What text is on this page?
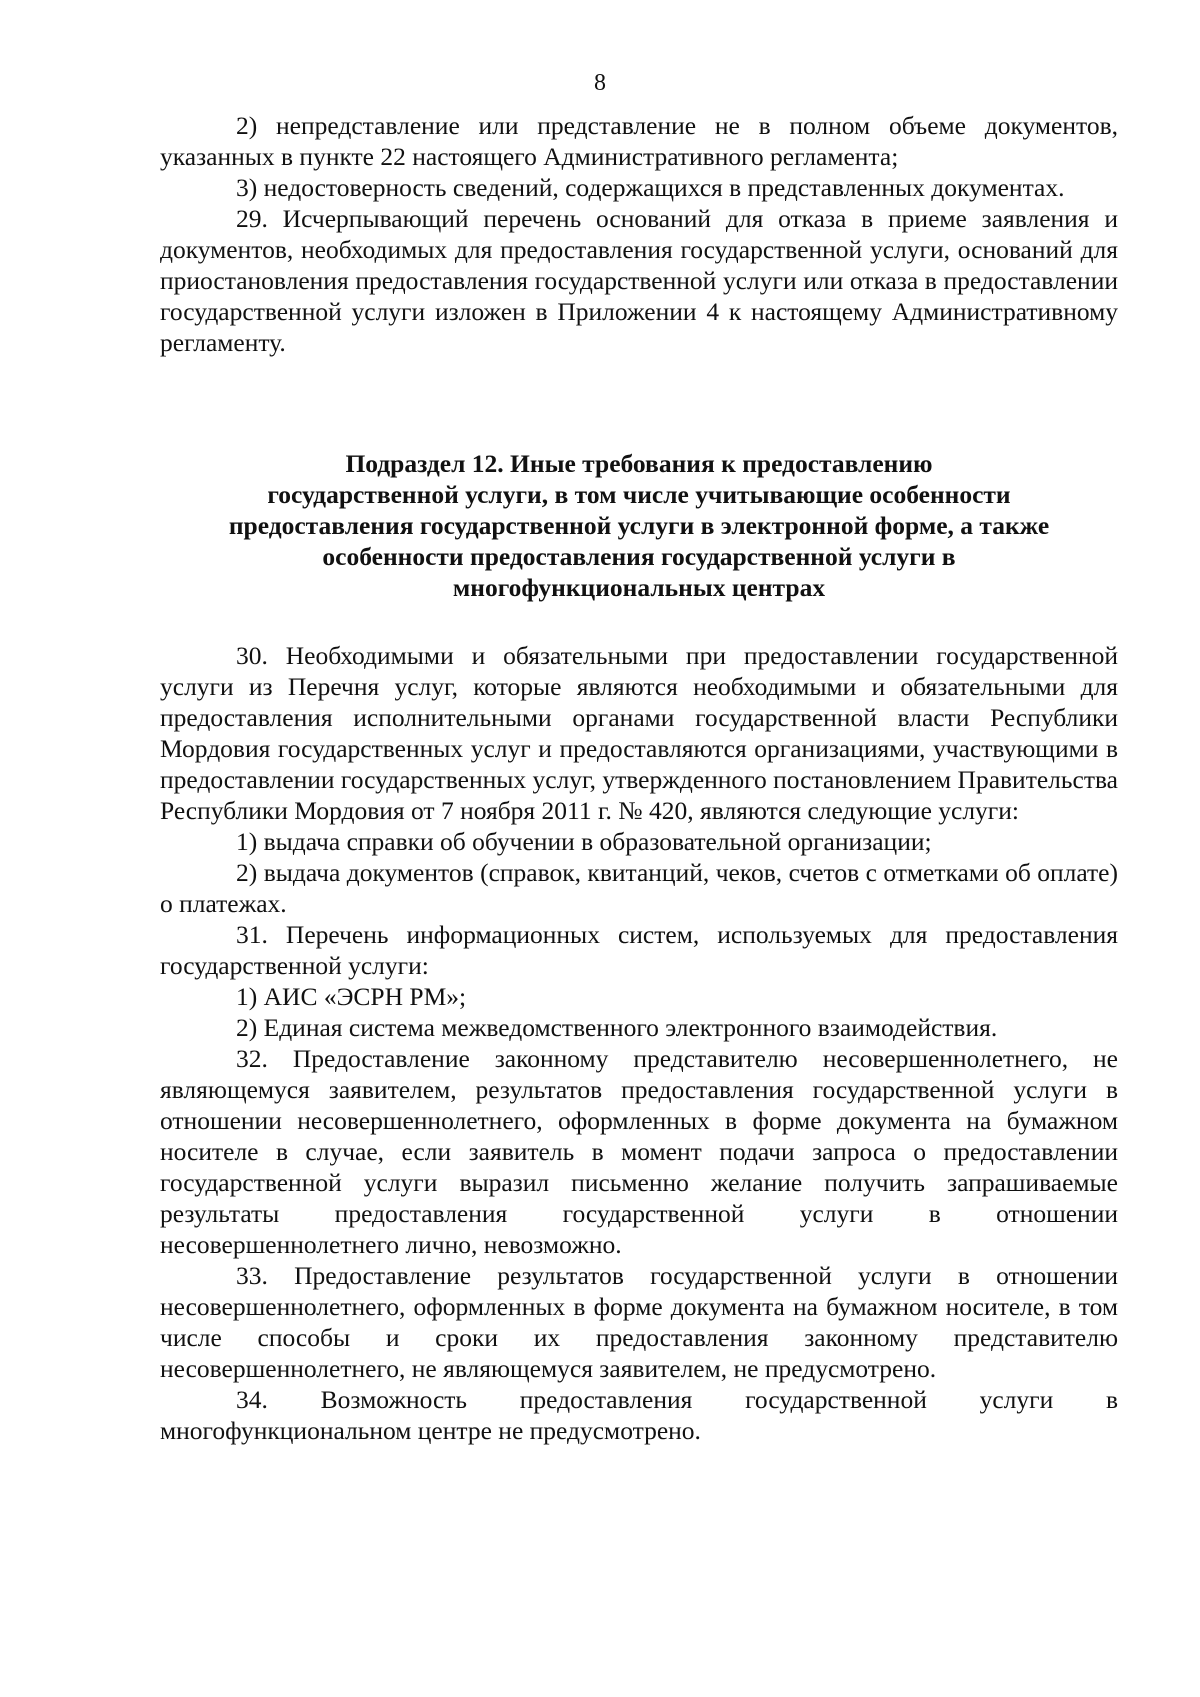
8

2) непредставление или представление не в полном объеме документов, указанных в пункте 22 настоящего Административного регламента;

3) недостоверность сведений, содержащихся в представленных документах.

29. Исчерпывающий перечень оснований для отказа в приеме заявления и документов, необходимых для предоставления государственной услуги, оснований для приостановления предоставления государственной услуги или отказа в предоставлении государственной услуги изложен в Приложении 4 к настоящему Административному регламенту.

Подраздел 12. Иные требования к предоставлению
государственной услуги, в том числе учитывающие особенности
предоставления государственной услуги в электронной форме, а также
особенности предоставления государственной услуги в
многофункциональных центрах

30. Необходимыми и обязательными при предоставлении государственной услуги из Перечня услуг, которые являются необходимыми и обязательными для предоставления исполнительными органами государственной власти Республики Мордовия государственных услуг и предоставляются организациями, участвующими в предоставлении государственных услуг, утвержденного постановлением Правительства Республики Мордовия от 7 ноября 2011 г. № 420, являются следующие услуги:

1) выдача справки об обучении в образовательной организации;

2) выдача документов (справок, квитанций, чеков, счетов с отметками об оплате) о платежах.

31. Перечень информационных систем, используемых для предоставления государственной услуги:

1) АИС «ЭСРН РМ»;

2) Единая система межведомственного электронного взаимодействия.

32. Предоставление законному представителю несовершеннолетнего, не являющемуся заявителем, результатов предоставления государственной услуги в отношении несовершеннолетнего, оформленных в форме документа на бумажном носителе в случае, если заявитель в момент подачи запроса о предоставлении государственной услуги выразил письменно желание получить запрашиваемые результаты предоставления государственной услуги в отношении несовершеннолетнего лично, невозможно.

33. Предоставление результатов государственной услуги в отношении несовершеннолетнего, оформленных в форме документа на бумажном носителе, в том числе способы и сроки их предоставления законному представителю несовершеннолетнего, не являющемуся заявителем, не предусмотрено.

34. Возможность предоставления государственной услуги в многофункциональном центре не предусмотрено.
